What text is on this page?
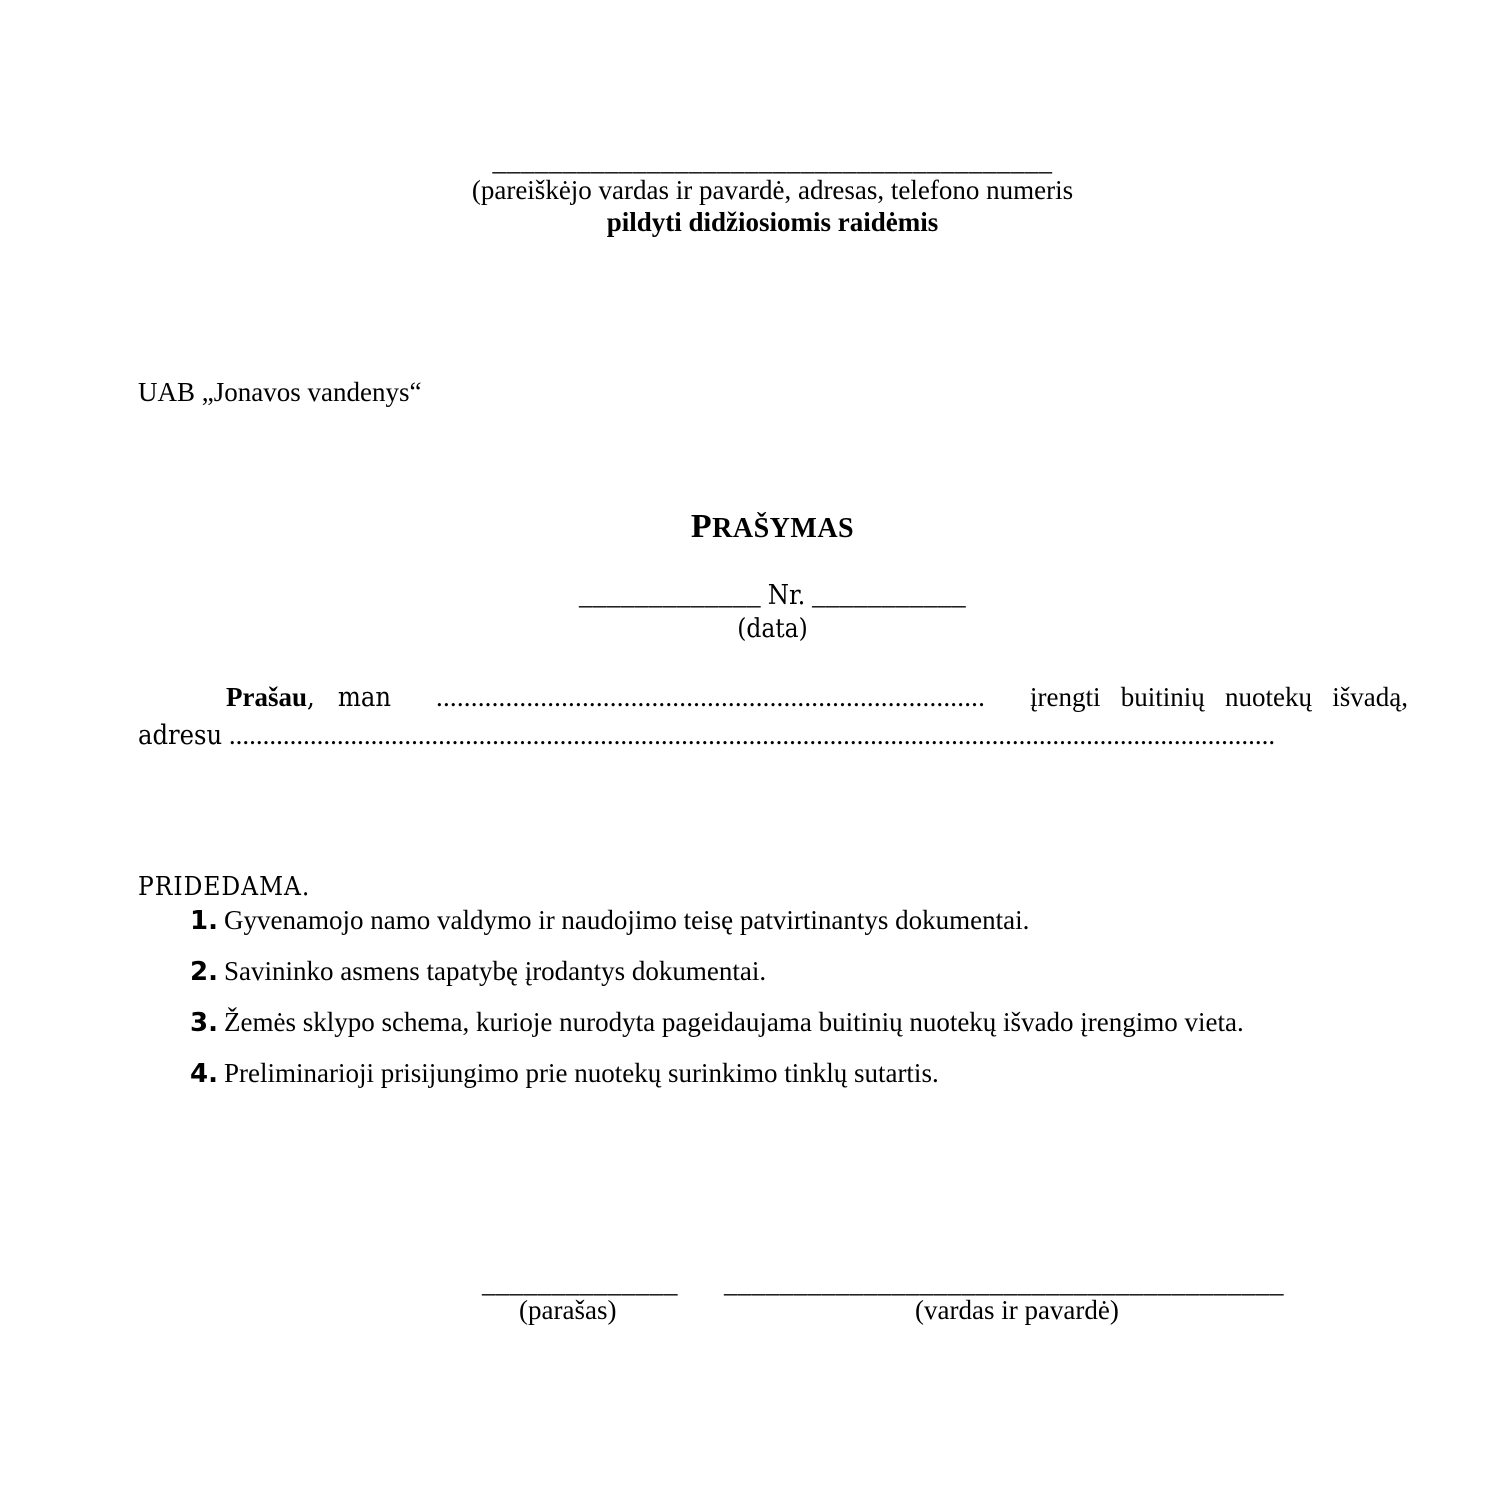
________________________________________
(pareiškėjo vardas ir pavardė, adresas, telefono numeris
pildyti didžiosiomis raidėmis
UAB „Jonavos vandenys“
PRAŠYMAS
_____________ Nr. ___________
(data)
Prašau,   man ............................................................................... įrengti   buitinių   nuotekų   išvadą,
adresu ...........................................................................................................................................................
PRIDEDAMA.
1. Gyvenamojo namo valdymo ir naudojimo teisę patvirtinantys dokumentai.
2. Savininko asmens tapatybę įrodantys dokumentai.
3. Žemės sklypo schema, kurioje nurodyta pageidaujama buitinių nuotekų išvado įrengimo vieta.
4. Preliminarioji prisijungimo prie nuotekų surinkimo tinklų sutartis.
______________ ________________________________________
(parašas)	(vardas ir pavardė)
